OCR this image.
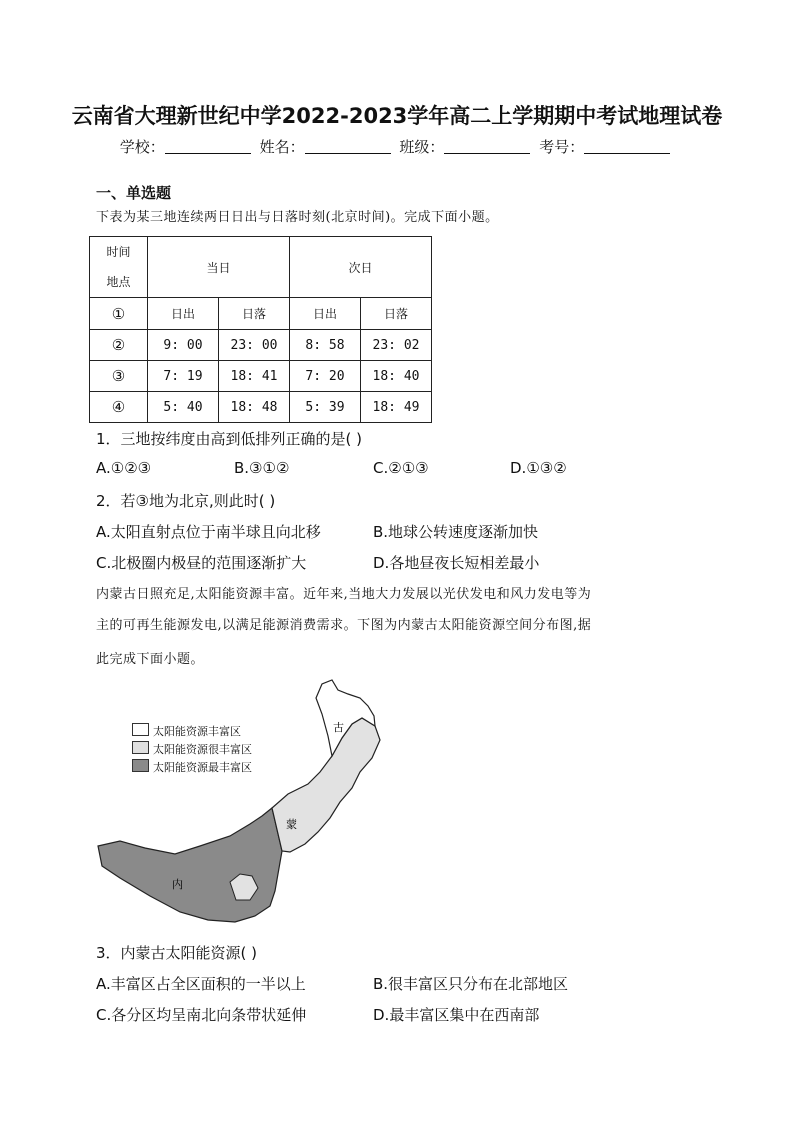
云南省大理新世纪中学2022-2023学年高二上学期期中考试地理试卷
学校：	姓名：	班级：	考号：
一、单选题
下表为某三地连续两日日出与日落时刻(北京时间)。完成下面小题。
时间
地点	当日		次日	
①	日出	日落	日出	日落
②	9: 00	23: 00	8: 58	23: 02
③	7: 19	18: 41	7: 20	18: 40
④	5: 40	18: 48	5: 39	18: 49
1．三地按纬度由高到低排列正确的是( )
A.①②③	B.③①②	C.②①③	D.①③②
2．若③地为北京,则此时( )
A.太阳直射点位于南半球且向北移	B.地球公转速度逐渐加快
C.北极圈内极昼的范围逐渐扩大	D.各地昼夜长短相差最小
内蒙古日照充足,太阳能资源丰富。近年来,当地大力发展以光伏发电和风力发电等为
主的可再生能源发电,以满足能源消费需求。下图为内蒙古太阳能资源空间分布图,据
此完成下面小题。
古
蒙
内
太阳能资源丰富区
太阳能资源很丰富区
太阳能资源最丰富区
3．内蒙古太阳能资源( )
A.丰富区占全区面积的一半以上	B.很丰富区只分布在北部地区
C.各分区均呈南北向条带状延伸	D.最丰富区集中在西南部
